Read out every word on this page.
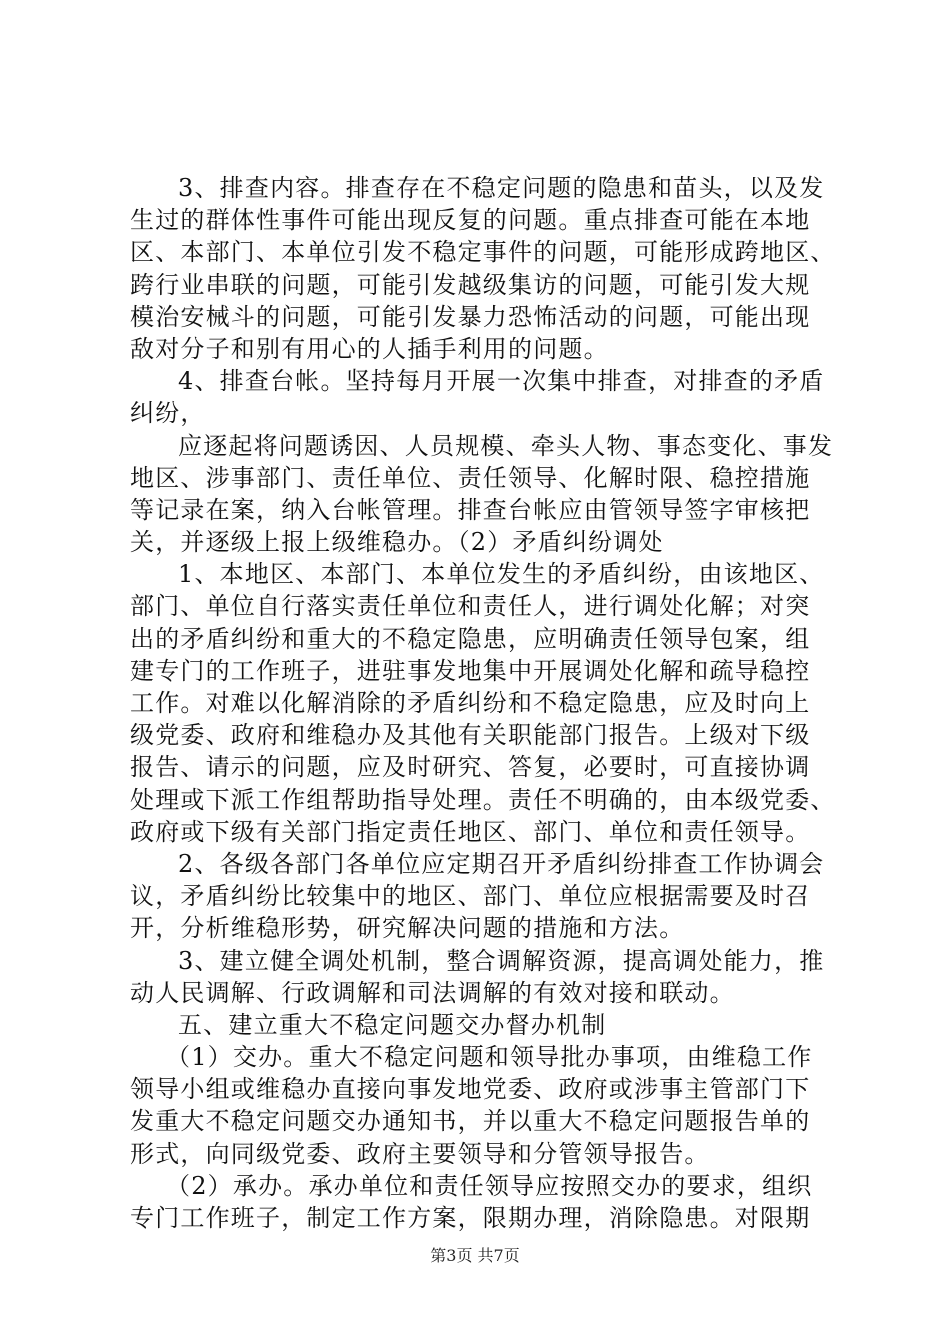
3、排查内容。排查存在不稳定问题的隐患和苗头，以及发
生过的群体性事件可能出现反复的问题。重点排查可能在本地
区、本部门、本单位引发不稳定事件的问题，可能形成跨地区、
跨行业串联的问题，可能引发越级集访的问题，可能引发大规
模治安械斗的问题，可能引发暴力恐怖活动的问题，可能出现
敌对分子和别有用心的人插手利用的问题。
4、排查台帐。坚持每月开展一次集中排查，对排查的矛盾
纠纷，
应逐起将问题诱因、人员规模、牵头人物、事态变化、事发
地区、涉事部门、责任单位、责任领导、化解时限、稳控措施
等记录在案，纳入台帐管理。排查台帐应由管领导签字审核把
关，并逐级上报上级维稳办。（2）矛盾纠纷调处
1、本地区、本部门、本单位发生的矛盾纠纷，由该地区、
部门、单位自行落实责任单位和责任人，进行调处化解；对突
出的矛盾纠纷和重大的不稳定隐患，应明确责任领导包案，组
建专门的工作班子，进驻事发地集中开展调处化解和疏导稳控
工作。对难以化解消除的矛盾纠纷和不稳定隐患，应及时向上
级党委、政府和维稳办及其他有关职能部门报告。上级对下级
报告、请示的问题，应及时研究、答复，必要时，可直接协调
处理或下派工作组帮助指导处理。责任不明确的，由本级党委、
政府或下级有关部门指定责任地区、部门、单位和责任领导。
2、各级各部门各单位应定期召开矛盾纠纷排查工作协调会
议，矛盾纠纷比较集中的地区、部门、单位应根据需要及时召
开，分析维稳形势，研究解决问题的措施和方法。
3、建立健全调处机制，整合调解资源，提高调处能力，推
动人民调解、行政调解和司法调解的有效对接和联动。
五、建立重大不稳定问题交办督办机制
（1）交办。重大不稳定问题和领导批办事项，由维稳工作
领导小组或维稳办直接向事发地党委、政府或涉事主管部门下
发重大不稳定问题交办通知书，并以重大不稳定问题报告单的
形式，向同级党委、政府主要领导和分管领导报告。
（2）承办。承办单位和责任领导应按照交办的要求，组织
专门工作班子，制定工作方案，限期办理，消除隐患。对限期
第3页 共7页
